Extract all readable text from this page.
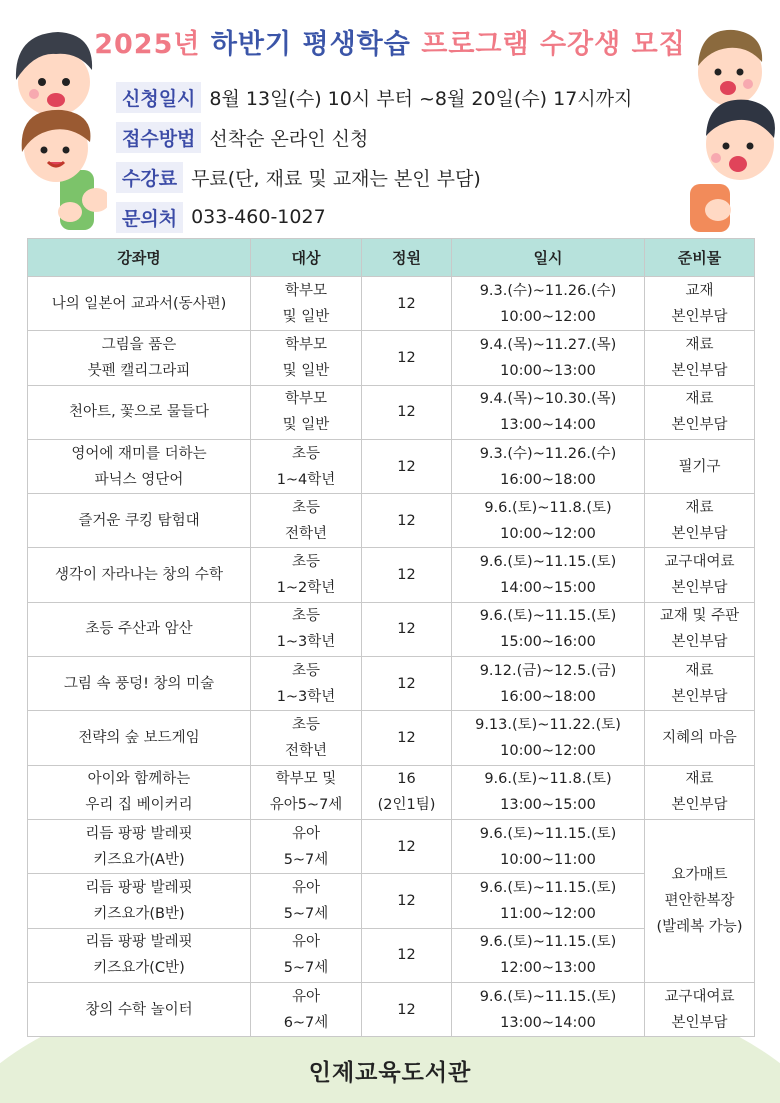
2025년 하반기 평생학습 프로그램 수강생 모집
신청일시 8월 13일(수) 10시 부터 ~8월 20일(수) 17시까지
접수방법 선착순 온라인 신청
수강료 무료(단, 재료 및 교재는 본인 부담)
문의처 033-460-1027
강좌명	대상	정원	일시	준비물
나의 일본어 교과서(동사편)	학부모
및 일반	12	9.3.(수)~11.26.(수)
10:00~12:00	교재
본인부담
그림을 품은
붓펜 캘리그라피	학부모
및 일반	12	9.4.(목)~11.27.(목)
10:00~13:00	재료
본인부담
천아트, 꽃으로 물들다	학부모
및 일반	12	9.4.(목)~10.30.(목)
13:00~14:00	재료
본인부담
영어에 재미를 더하는
파닉스 영단어	초등
1~4학년	12	9.3.(수)~11.26.(수)
16:00~18:00	필기구
즐거운 쿠킹 탐험대	초등
전학년	12	9.6.(토)~11.8.(토)
10:00~12:00	재료
본인부담
생각이 자라나는 창의 수학	초등
1~2학년	12	9.6.(토)~11.15.(토)
14:00~15:00	교구대여료
본인부담
초등 주산과 암산	초등
1~3학년	12	9.6.(토)~11.15.(토)
15:00~16:00	교재 및 주판
본인부담
그림 속 풍덩! 창의 미술	초등
1~3학년	12	9.12.(금)~12.5.(금)
16:00~18:00	재료
본인부담
전략의 숲 보드게임	초등
전학년	12	9.13.(토)~11.22.(토)
10:00~12:00	지혜의 마음
아이와 함께하는
우리 집 베이커리	학부모 및
유아5~7세	16
(2인1팀)	9.6.(토)~11.8.(토)
13:00~15:00	재료
본인부담
리듬 팡팡 발레핏
키즈요가(A반)	유아
5~7세	12	9.6.(토)~11.15.(토)
10:00~11:00	요가매트
편안한복장
(발레복 가능)
리듬 팡팡 발레핏
키즈요가(B반)	유아
5~7세	12	9.6.(토)~11.15.(토)
11:00~12:00	
리듬 팡팡 발레핏
키즈요가(C반)	유아
5~7세	12	9.6.(토)~11.15.(토)
12:00~13:00	
창의 수학 놀이터	유아
6~7세	12	9.6.(토)~11.15.(토)
13:00~14:00	교구대여료
본인부담
인제교육도서관
